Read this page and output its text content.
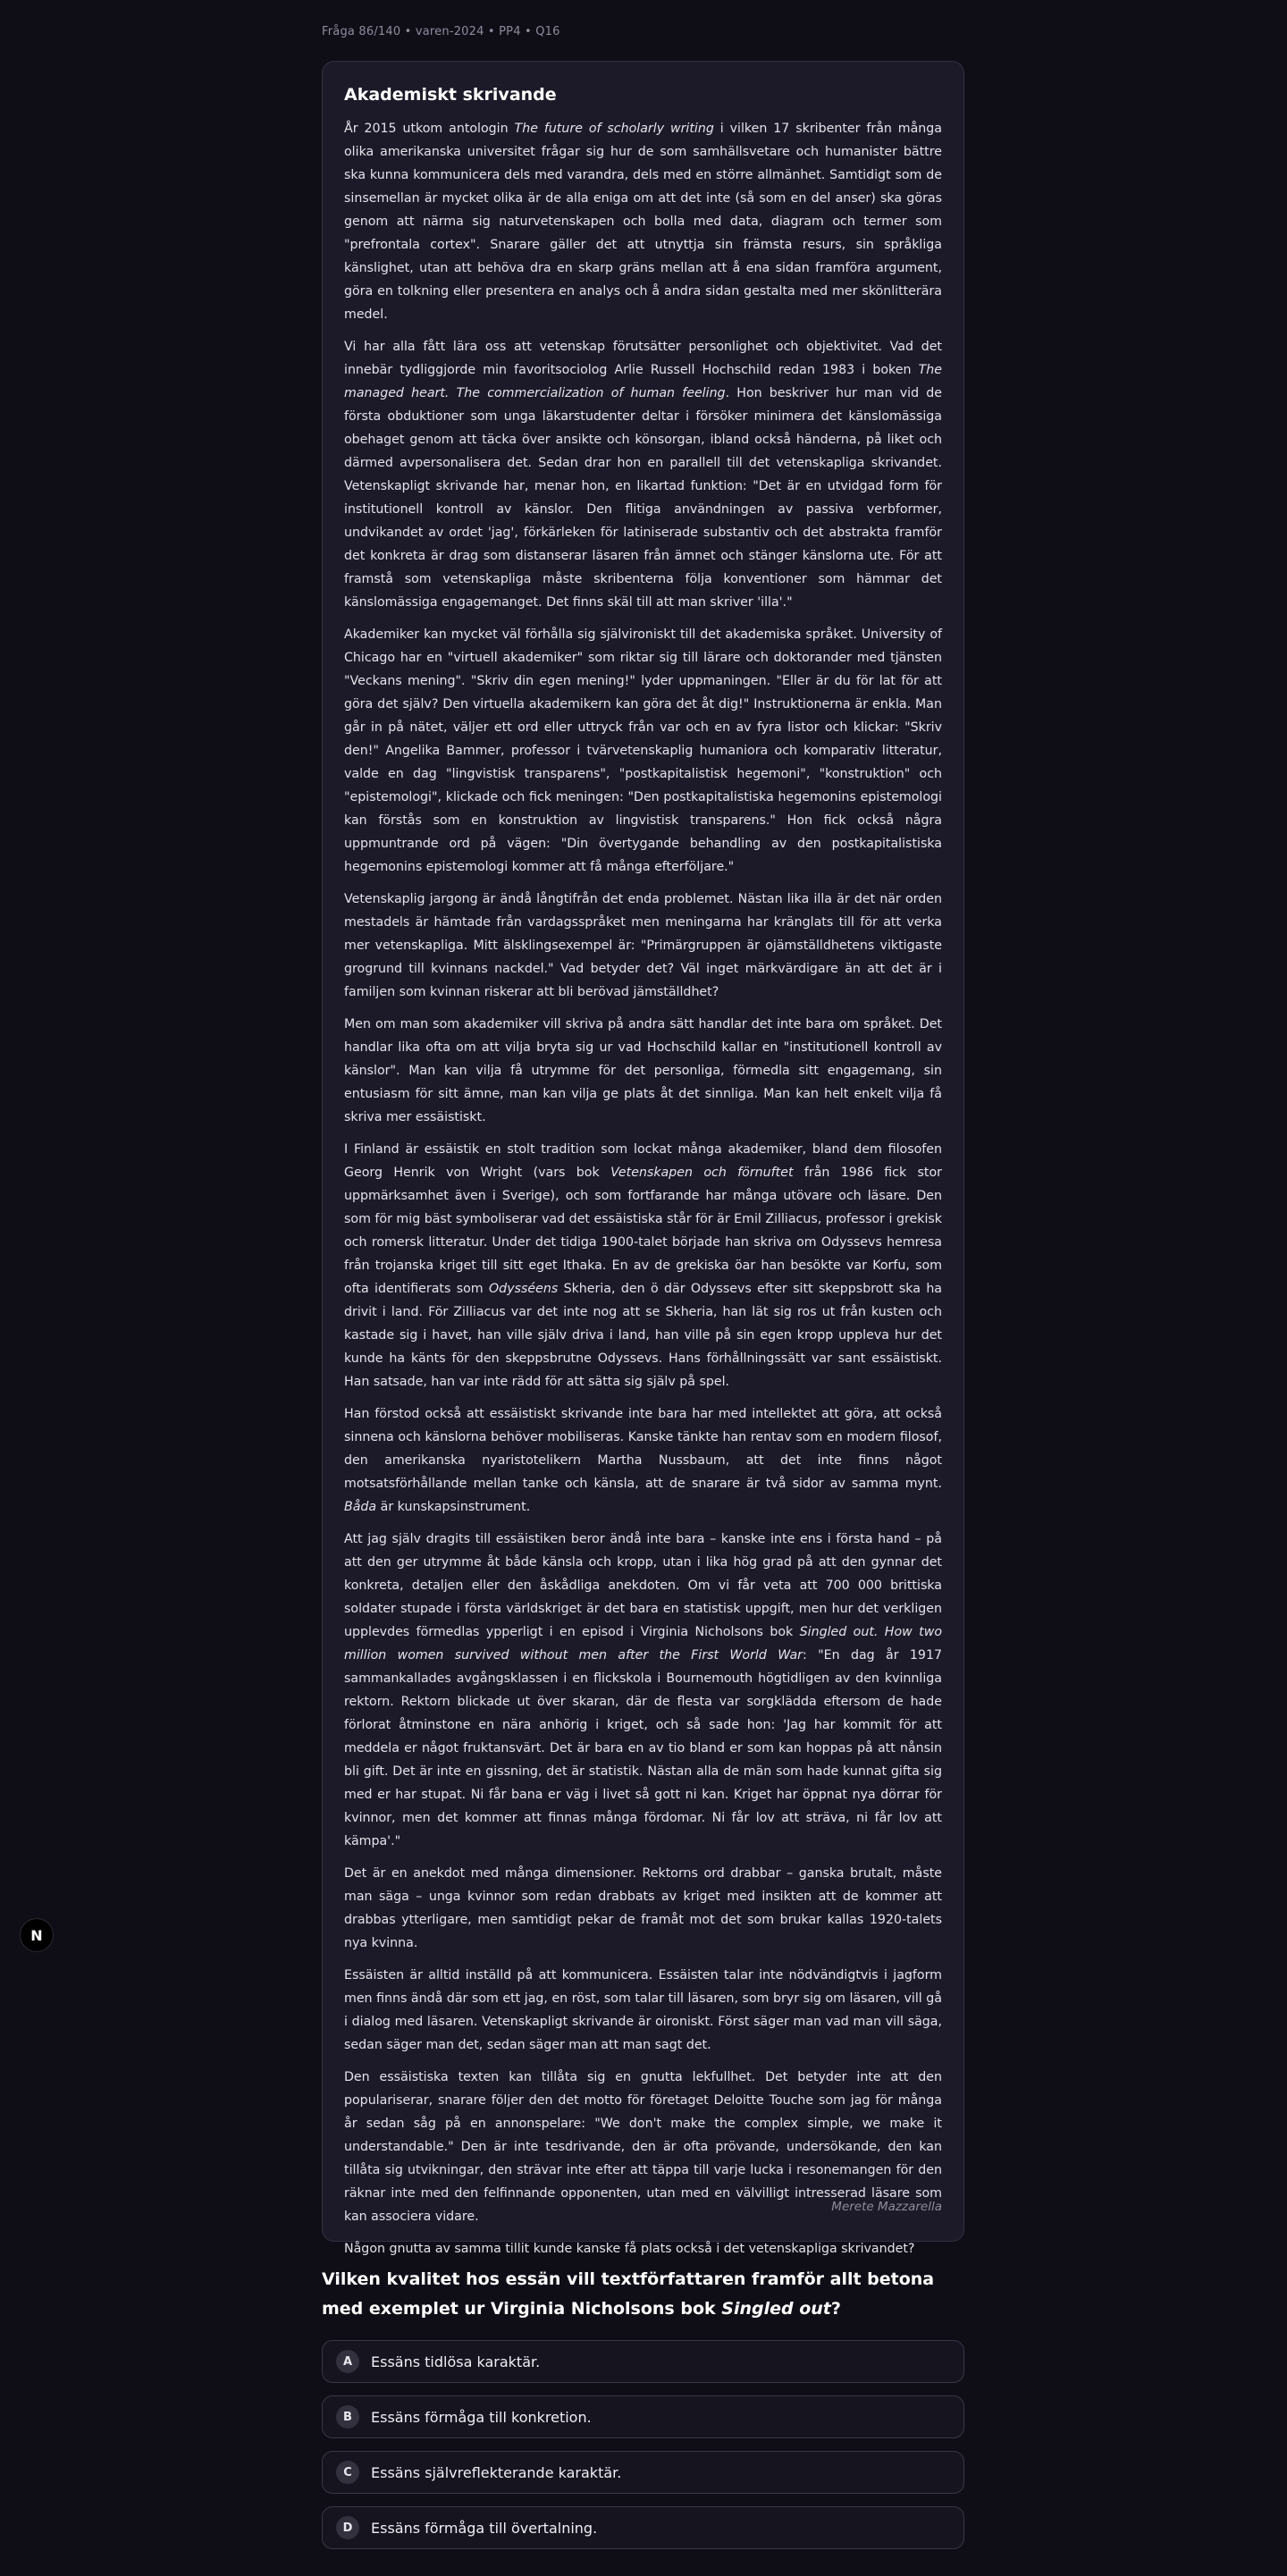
N
Fråga 86/140 • varen-2024 • PP4 • Q16
Akademiskt skrivande

År 2015 utkom antologin The future of scholarly writing i vilken 17 skribenter från många olika amerikanska universitet frågar sig hur de som samhällsvetare och humanister bättre ska kunna kommunicera dels med varandra, dels med en större allmänhet. Samtidigt som de sinsemellan är mycket olika är de alla eniga om att det inte (så som en del anser) ska göras genom att närma sig naturvetenskapen och bolla med data, diagram och termer som "prefrontala cortex". Snarare gäller det att utnyttja sin främsta resurs, sin språkliga känslighet, utan att behöva dra en skarp gräns mellan att å ena sidan framföra argument, göra en tolkning eller presentera en analys och å andra sidan gestalta med mer skönlitterära medel.

Vi har alla fått lära oss att vetenskap förutsätter personlighet och objektivitet. Vad det innebär tydliggjorde min favoritsociolog Arlie Russell Hochschild redan 1983 i boken The managed heart. The commercialization of human feeling. Hon beskriver hur man vid de första obduktioner som unga läkarstudenter deltar i försöker minimera det känslomässiga obehaget genom att täcka över ansikte och könsorgan, ibland också händerna, på liket och därmed avpersonalisera det. Sedan drar hon en parallell till det vetenskapliga skrivandet. Vetenskapligt skrivande har, menar hon, en likartad funktion: "Det är en utvidgad form för institutionell kontroll av känslor. Den flitiga användningen av passiva verbformer, undvikandet av ordet 'jag', förkärleken för latiniserade substantiv och det abstrakta framför det konkreta är drag som distanserar läsaren från ämnet och stänger känslorna ute. För att framstå som vetenskapliga måste skribenterna följa konventioner som hämmar det känslomässiga engagemanget. Det finns skäl till att man skriver 'illa'."

Akademiker kan mycket väl förhålla sig självironiskt till det akademiska språket. University of Chicago har en "virtuell akademiker" som riktar sig till lärare och doktorander med tjänsten "Veckans mening". "Skriv din egen mening!" lyder uppmaningen. "Eller är du för lat för att göra det själv? Den virtuella akademikern kan göra det åt dig!" Instruktionerna är enkla. Man går in på nätet, väljer ett ord eller uttryck från var och en av fyra listor och klickar: "Skriv den!" Angelika Bammer, professor i tvärvetenskaplig humaniora och komparativ litteratur, valde en dag "lingvistisk transparens", "postkapitalistisk hegemoni", "konstruktion" och "epistemologi", klickade och fick meningen: "Den postkapitalistiska hegemonins epistemologi kan förstås som en konstruktion av lingvistisk transparens." Hon fick också några uppmuntrande ord på vägen: "Din övertygande behandling av den postkapitalistiska hegemonins epistemologi kommer att få många efterföljare."

Vetenskaplig jargong är ändå långtifrån det enda problemet. Nästan lika illa är det när orden mestadels är hämtade från vardagsspråket men meningarna har kränglats till för att verka mer vetenskapliga. Mitt älsklingsexempel är: "Primärgruppen är ojämställdhetens viktigaste grogrund till kvinnans nackdel." Vad betyder det? Väl inget märkvärdigare än att det är i familjen som kvinnan riskerar att bli berövad jämställdhet?

Men om man som akademiker vill skriva på andra sätt handlar det inte bara om språket. Det handlar lika ofta om att vilja bryta sig ur vad Hochschild kallar en "institutionell kontroll av känslor". Man kan vilja få utrymme för det personliga, förmedla sitt engagemang, sin entusiasm för sitt ämne, man kan vilja ge plats åt det sinnliga. Man kan helt enkelt vilja få skriva mer essäistiskt.

I Finland är essäistik en stolt tradition som lockat många akademiker, bland dem filosofen Georg Henrik von Wright (vars bok Vetenskapen och förnuftet från 1986 fick stor uppmärksamhet även i Sverige), och som fortfarande har många utövare och läsare. Den som för mig bäst symboliserar vad det essäistiska står för är Emil Zilliacus, professor i grekisk och romersk litteratur. Under det tidiga 1900-talet började han skriva om Odyssevs hemresa från trojanska kriget till sitt eget Ithaka. En av de grekiska öar han besökte var Korfu, som ofta identifierats som Odysséens Skheria, den ö där Odyssevs efter sitt skeppsbrott ska ha drivit i land. För Zilliacus var det inte nog att se Skheria, han lät sig ros ut från kusten och kastade sig i havet, han ville själv driva i land, han ville på sin egen kropp uppleva hur det kunde ha känts för den skeppsbrutne Odyssevs. Hans förhållningssätt var sant essäistiskt. Han satsade, han var inte rädd för att sätta sig själv på spel.

Han förstod också att essäistiskt skrivande inte bara har med intellektet att göra, att också sinnena och känslorna behöver mobiliseras. Kanske tänkte han rentav som en modern filosof, den amerikanska nyaristotelikern Martha Nussbaum, att det inte finns något motsatsförhållande mellan tanke och känsla, att de snarare är två sidor av samma mynt. Båda är kunskapsinstrument.

Att jag själv dragits till essäistiken beror ändå inte bara – kanske inte ens i första hand – på att den ger utrymme åt både känsla och kropp, utan i lika hög grad på att den gynnar det konkreta, detaljen eller den åskådliga anekdoten. Om vi får veta att 700 000 brittiska soldater stupade i första världskriget är det bara en statistisk uppgift, men hur det verkligen upplevdes förmedlas ypperligt i en episod i Virginia Nicholsons bok Singled out. How two million women survived without men after the First World War: "En dag år 1917 sammankallades avgångsklassen i en flickskola i Bournemouth högtidligen av den kvinnliga rektorn. Rektorn blickade ut över skaran, där de flesta var sorgklädda eftersom de hade förlorat åtminstone en nära anhörig i kriget, och så sade hon: 'Jag har kommit för att meddela er något fruktansvärt. Det är bara en av tio bland er som kan hoppas på att nånsin bli gift. Det är inte en gissning, det är statistik. Nästan alla de män som hade kunnat gifta sig med er har stupat. Ni får bana er väg i livet så gott ni kan. Kriget har öppnat nya dörrar för kvinnor, men det kommer att finnas många fördomar. Ni får lov att sträva, ni får lov att kämpa'."

Det är en anekdot med många dimensioner. Rektorns ord drabbar – ganska brutalt, måste man säga – unga kvinnor som redan drabbats av kriget med insikten att de kommer att drabbas ytterligare, men samtidigt pekar de framåt mot det som brukar kallas 1920-talets nya kvinna.

Essäisten är alltid inställd på att kommunicera. Essäisten talar inte nödvändigtvis i jagform men finns ändå där som ett jag, en röst, som talar till läsaren, som bryr sig om läsaren, vill gå i dialog med läsaren. Vetenskapligt skrivande är oironiskt. Först säger man vad man vill säga, sedan säger man det, sedan säger man att man sagt det.

Den essäistiska texten kan tillåta sig en gnutta lekfullhet. Det betyder inte att den populariserar, snarare följer den det motto för företaget Deloitte Touche som jag för många år sedan såg på en annonspelare: "We don't make the complex simple, we make it understandable." Den är inte tesdrivande, den är ofta prövande, undersökande, den kan tillåta sig utvikningar, den strävar inte efter att täppa till varje lucka i resonemangen för den räknar inte med den felfinnande opponenten, utan med en välvilligt intresserad läsare som kan associera vidare.

Någon gnutta av samma tillit kunde kanske få plats också i det vetenskapliga skrivandet?

Merete Mazzarella
Vilken kvalitet hos essän vill textförfattaren framför allt betona med exemplet ur Virginia Nicholsons bok Singled out?
A	Essäns tidlösa karaktär.
B	Essäns förmåga till konkretion.
C	Essäns självreflekterande karaktär.
D	Essäns förmåga till övertalning.
